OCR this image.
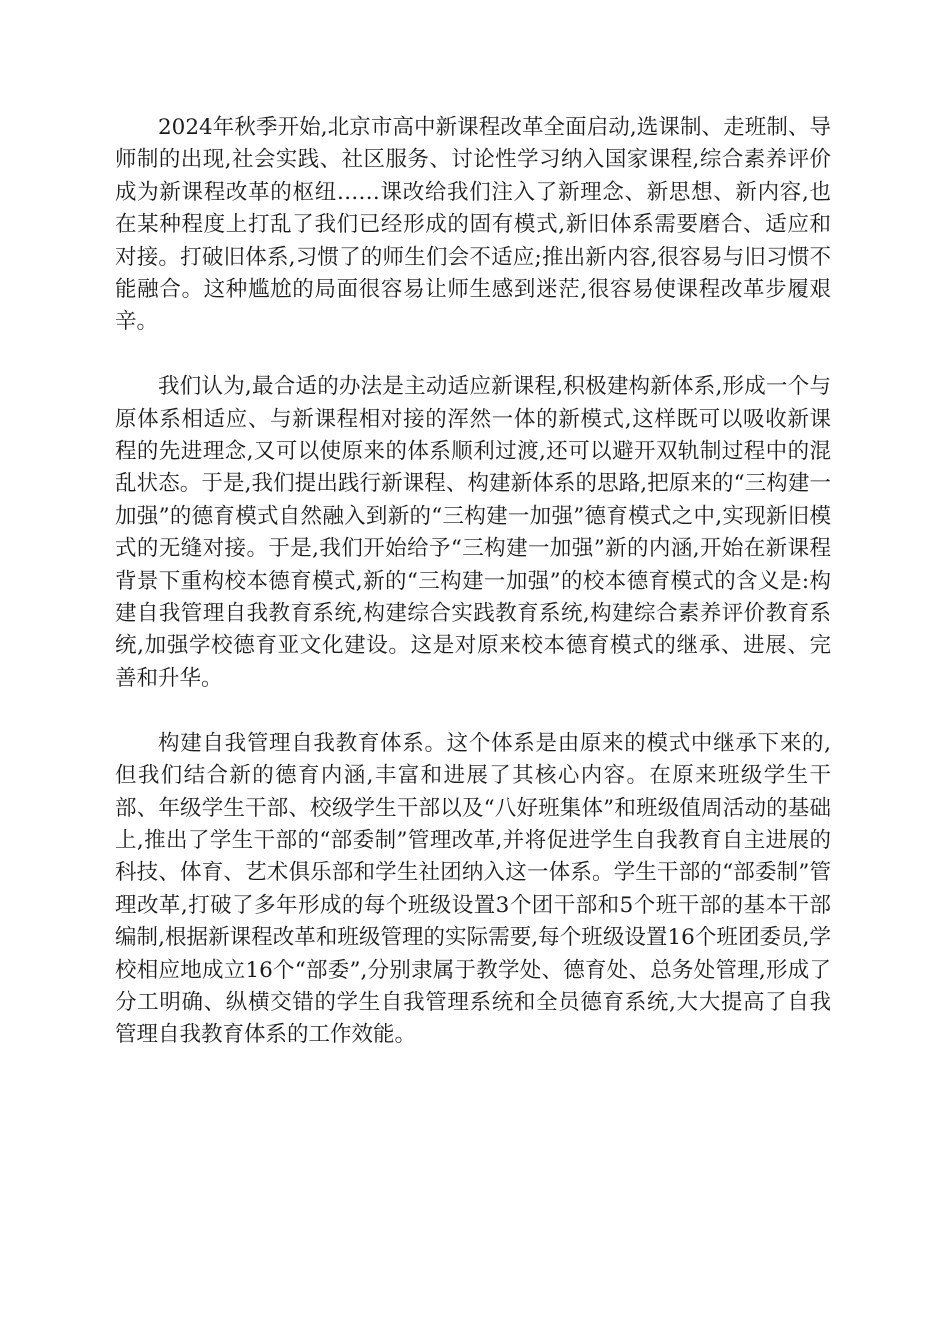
2024年秋季开始,北京市高中新课程改革全面启动,选课制、走班制、导师制的出现,社会实践、社区服务、讨论性学习纳入国家课程,综合素养评价成为新课程改革的枢纽……课改给我们注入了新理念、新思想、新内容,也在某种程度上打乱了我们已经形成的固有模式,新旧体系需要磨合、适应和对接。打破旧体系,习惯了的师生们会不适应;推出新内容,很容易与旧习惯不能融合。这种尴尬的局面很容易让师生感到迷茫,很容易使课程改革步履艰辛。

我们认为,最合适的办法是主动适应新课程,积极建构新体系,形成一个与原体系相适应、与新课程相对接的浑然一体的新模式,这样既可以吸收新课程的先进理念,又可以使原来的体系顺利过渡,还可以避开双轨制过程中的混乱状态。于是,我们提出践行新课程、构建新体系的思路,把原来的“三构建一加强”的德育模式自然融入到新的“三构建一加强”德育模式之中,实现新旧模式的无缝对接。于是,我们开始给予“三构建一加强”新的内涵,开始在新课程背景下重构校本德育模式,新的“三构建一加强”的校本德育模式的含义是:构建自我管理自我教育系统,构建综合实践教育系统,构建综合素养评价教育系统,加强学校德育亚文化建设。这是对原来校本德育模式的继承、进展、完善和升华。

构建自我管理自我教育体系。这个体系是由原来的模式中继承下来的,但我们结合新的德育内涵,丰富和进展了其核心内容。在原来班级学生干部、年级学生干部、校级学生干部以及“八好班集体”和班级值周活动的基础上,推出了学生干部的“部委制”管理改革,并将促进学生自我教育自主进展的科技、体育、艺术俱乐部和学生社团纳入这一体系。学生干部的“部委制”管理改革,打破了多年形成的每个班级设置3个团干部和5个班干部的基本干部编制,根据新课程改革和班级管理的实际需要,每个班级设置16个班团委员,学校相应地成立16个“部委”,分别隶属于教学处、德育处、总务处管理,形成了分工明确、纵横交错的学生自我管理系统和全员德育系统,大大提高了自我管理自我教育体系的工作效能。
